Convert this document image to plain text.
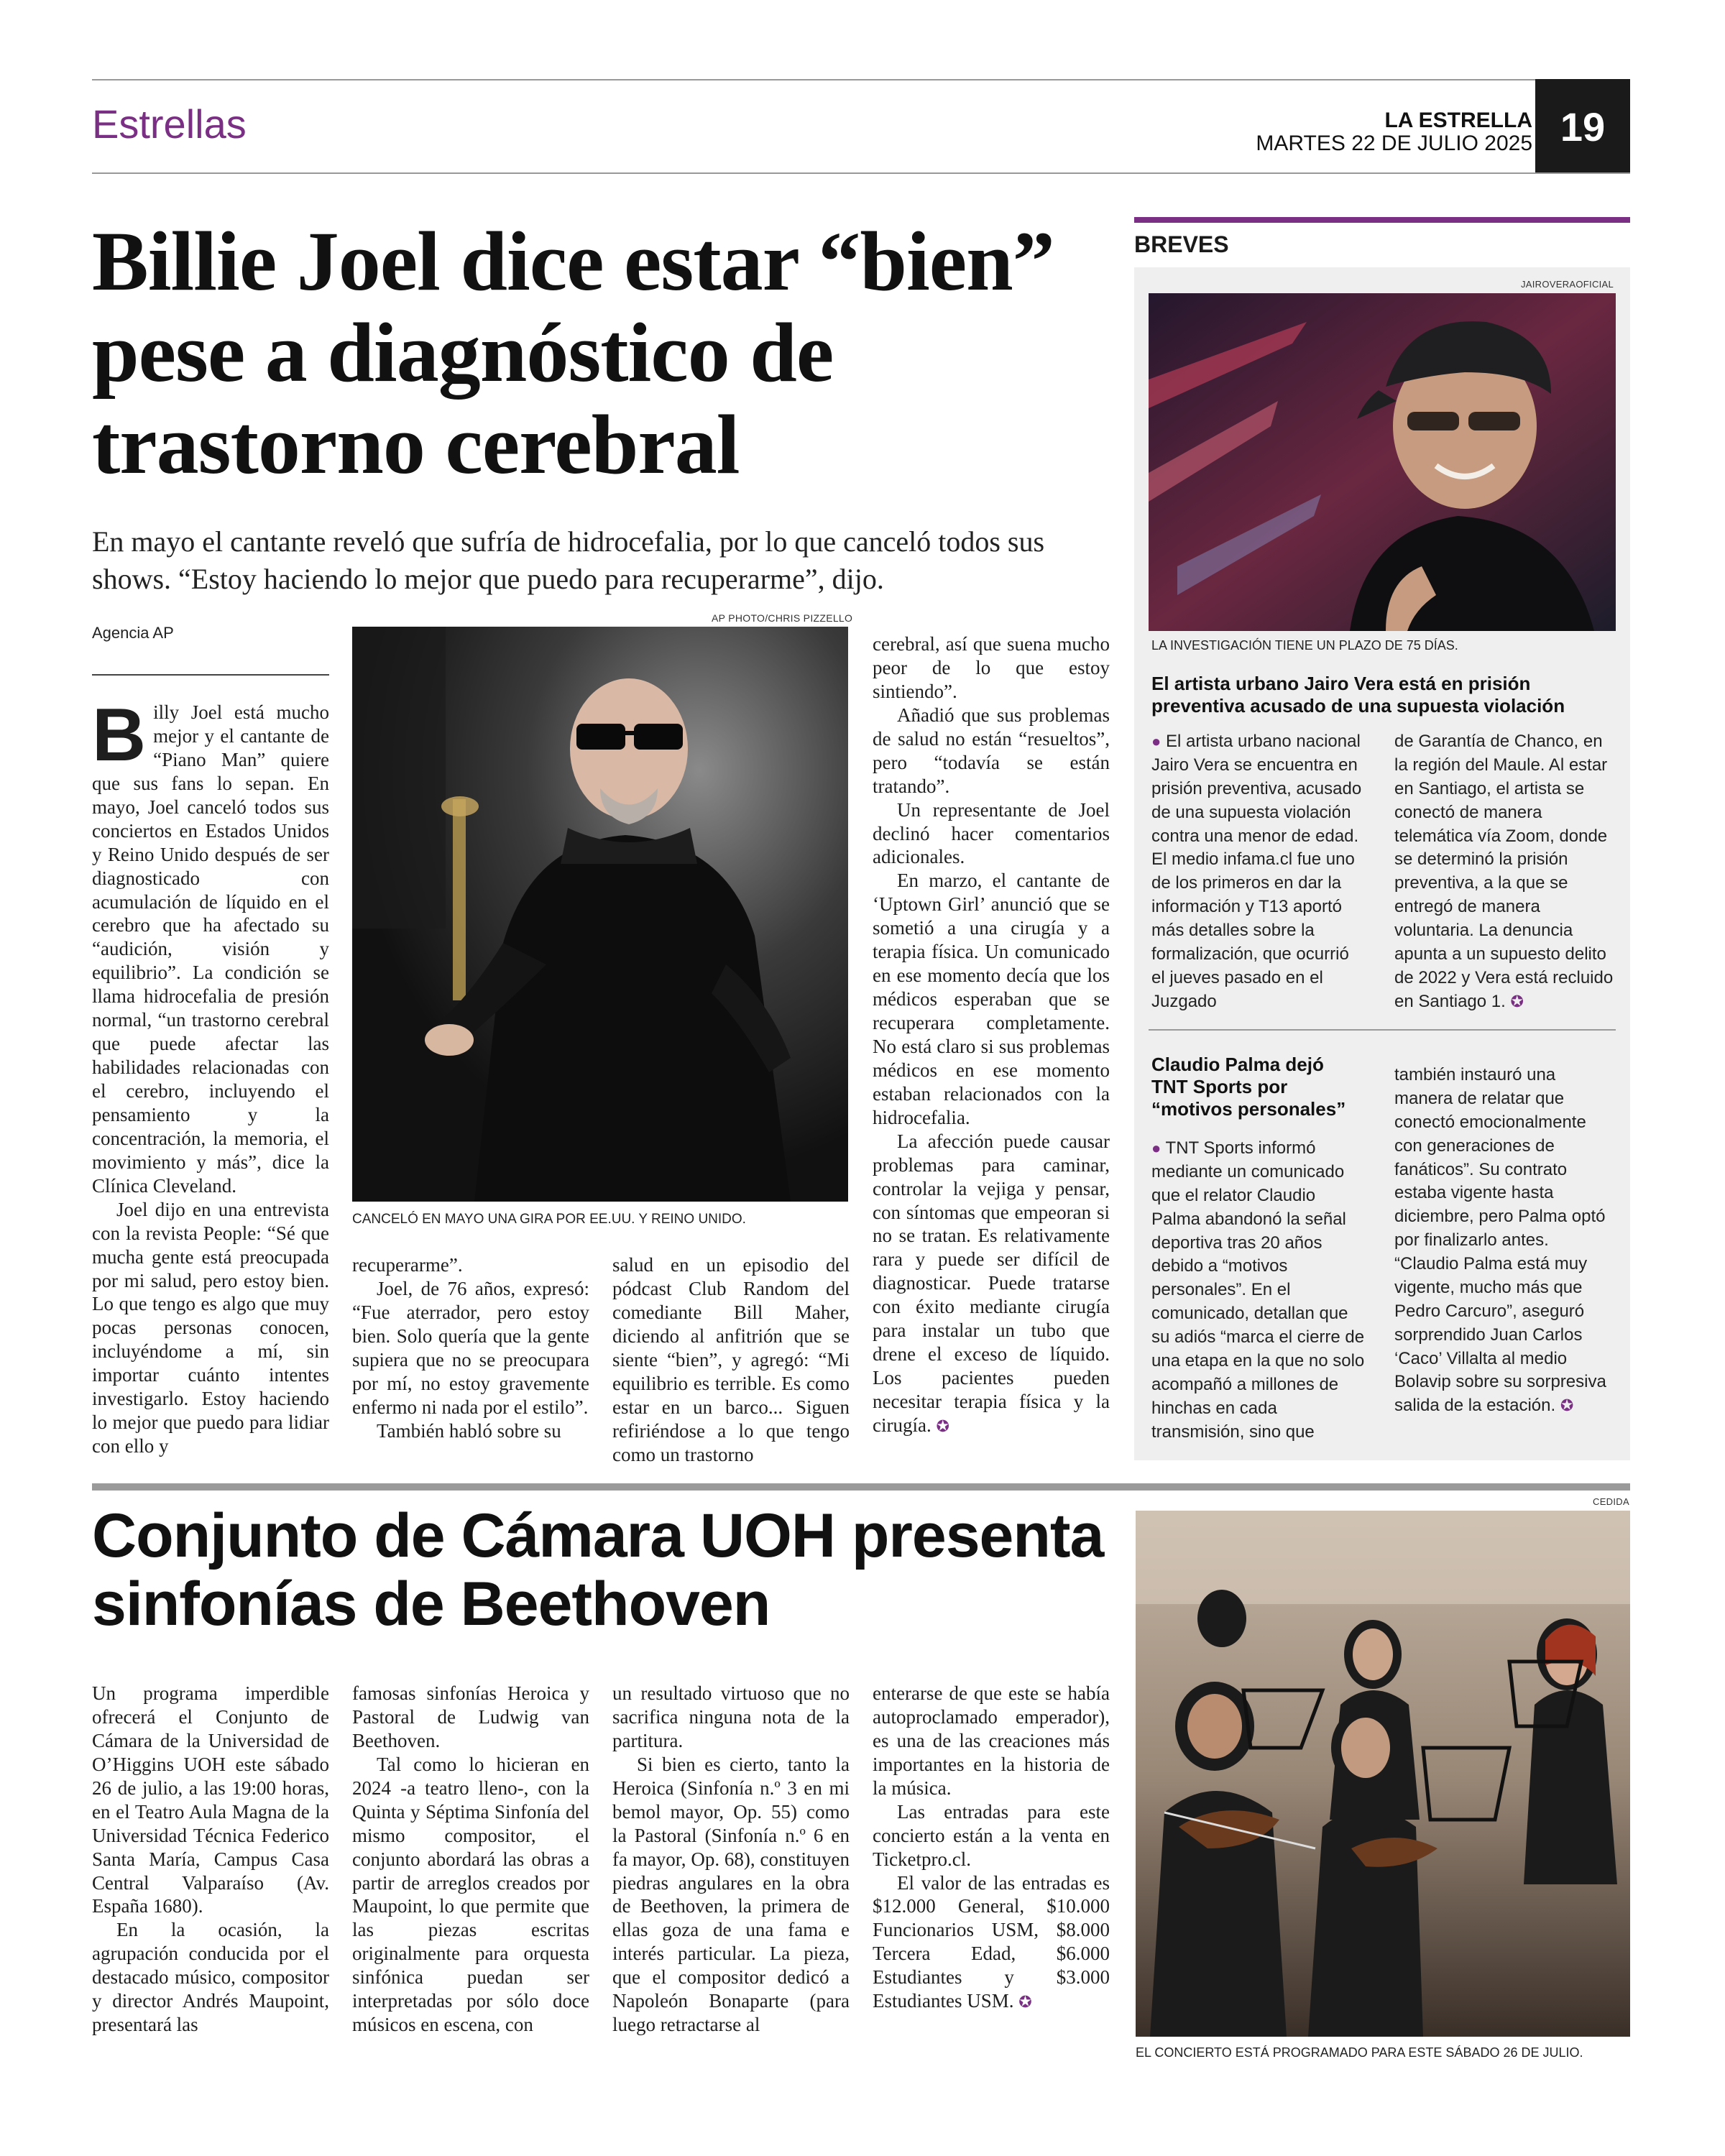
Estrellas	LA ESTRELLA
MARTES 22 DE JULIO 2025 19
Billie Joel dice estar “bien” pese a diagnóstico de trastorno cerebral
En mayo el cantante reveló que sufría de hidrocefalia, por lo que canceló todos sus shows. “Estoy haciendo lo mejor que puedo para recuperarme”, dijo.
Agencia AP

Billy Joel está mucho mejor y el cantante de “Piano Man” quiere que sus fans lo sepan. En mayo, Joel canceló todos sus conciertos en Estados Unidos y Reino Unido después de ser diagnosticado con acumulación de líquido en el cerebro que ha afectado su “audición, visión y equilibrio”. La condición se llama hidrocefalia de presión normal, “un trastorno cerebral que puede afectar las habilidades relacionadas con el cerebro, incluyendo el pensamiento y la concentración, la memoria, el movimiento y más”, dice la Clínica Cleveland.

Joel dijo en una entrevista con la revista People: “Sé que mucha gente está preocupada por mi salud, pero estoy bien. Lo que tengo es algo que muy pocas personas conocen, incluyéndome a mí, sin importar cuánto intentes investigarlo. Estoy haciendo lo mejor que puedo para lidiar con ello y

AP PHOTO/CHRIS PIZZELLO
CANCELÓ EN MAYO UNA GIRA POR EE.UU. Y REINO UNIDO.

recuperarme”.

Joel, de 76 años, expresó: “Fue aterrador, pero estoy bien. Solo quería que la gente supiera que no se preocupara por mí, no estoy gravemente enfermo ni nada por el estilo”.

También habló sobre su

salud en un episodio del pódcast Club Random del comediante Bill Maher, diciendo al anfitrión que se siente “bien”, y agregó: “Mi equilibrio es terrible. Es como estar en un barco... Siguen refiriéndose a lo que tengo como un trastorno

cerebral, así que suena mucho peor de lo que estoy sintiendo”.

Añadió que sus problemas de salud no están “resueltos”, pero “todavía se están tratando”.

Un representante de Joel declinó hacer comentarios adicionales.

En marzo, el cantante de ‘Uptown Girl’ anunció que se sometió a una cirugía y a terapia física. Un comunicado en ese momento decía que los médicos esperaban que se recuperara completamente. No está claro si sus problemas médicos en ese momento estaban relacionados con la hidrocefalia.

La afección puede causar problemas para caminar, controlar la vejiga y pensar, con síntomas que empeoran si no se tratan. Es relativamente rara y puede ser difícil de diagnosticar. Puede tratarse con éxito mediante cirugía para instalar un tubo que drene el exceso de líquido. Los pacientes pueden necesitar terapia física y la cirugía. ✪

BREVES
JAIROVERAOFICIAL
LA INVESTIGACIÓN TIENE UN PLAZO DE 75 DÍAS.
El artista urbano Jairo Vera está en prisión preventiva acusado de una supuesta violación
● El artista urbano nacional Jairo Vera se encuentra en prisión preventiva, acusado de una supuesta violación contra una menor de edad. El medio infama.cl fue uno de los primeros en dar la información y T13 aportó más detalles sobre la formalización, que ocurrió el jueves pasado en el Juzgado
de Garantía de Chanco, en la región del Maule. Al estar en Santiago, el artista se conectó de manera telemática vía Zoom, donde se determinó la prisión preventiva, a la que se entregó de manera voluntaria. La denuncia apunta a un supuesto delito de 2022 y Vera está recluido en Santiago 1. ✪
Claudio Palma dejó TNT Sports por “motivos personales”
● TNT Sports informó mediante un comunicado que el relator Claudio Palma abandonó la señal deportiva tras 20 años debido a “motivos personales”. En el comunicado, detallan que su adiós “marca el cierre de una etapa en la que no solo acompañó a millones de hinchas en cada transmisión, sino que
también instauró una manera de relatar que conectó emocionalmente con generaciones de fanáticos”. Su contrato estaba vigente hasta diciembre, pero Palma optó por finalizarlo antes. “Claudio Palma está muy vigente, mucho más que Pedro Carcuro”, aseguró sorprendido Juan Carlos ‘Caco’ Villalta al medio Bolavip sobre su sorpresiva salida de la estación. ✪
Conjunto de Cámara UOH presenta sinfonías de Beethoven

Un programa imperdible ofrecerá el Conjunto de Cámara de la Universidad de O’Higgins UOH este sábado 26 de julio, a las 19:00 horas, en el Teatro Aula Magna de la Universidad Técnica Federico Santa María, Campus Casa Central Valparaíso (Av. España 1680).

En la ocasión, la agrupación conducida por el destacado músico, compositor y director Andrés Maupoint, presentará las

famosas sinfonías Heroica y Pastoral de Ludwig van Beethoven.

Tal como lo hicieran en 2024 -a teatro lleno-, con la Quinta y Séptima Sinfonía del mismo compositor, el conjunto abordará las obras a partir de arreglos creados por Maupoint, lo que permite que las piezas escritas originalmente para orquesta sinfónica puedan ser interpretadas por sólo doce músicos en escena, con

un resultado virtuoso que no sacrifica ninguna nota de la partitura.

Si bien es cierto, tanto la Heroica (Sinfonía n.º 3 en mi bemol mayor, Op. 55) como la Pastoral (Sinfonía n.º 6 en fa mayor, Op. 68), constituyen piedras angulares en la obra de Beethoven, la primera de ellas goza de una fama e interés particular. La pieza, que el compositor dedicó a Napoleón Bonaparte (para luego retractarse al

enterarse de que este se había autoproclamado emperador), es una de las creaciones más importantes en la historia de la música.

Las entradas para este concierto están a la venta en Ticketpro.cl.

El valor de las entradas es $12.000 General, $10.000 Funcionarios USM, $8.000 Tercera Edad, $6.000 Estudiantes y $3.000 Estudiantes USM. ✪

CEDIDA
EL CONCIERTO ESTÁ PROGRAMADO PARA ESTE SÁBADO 26 DE JULIO.
